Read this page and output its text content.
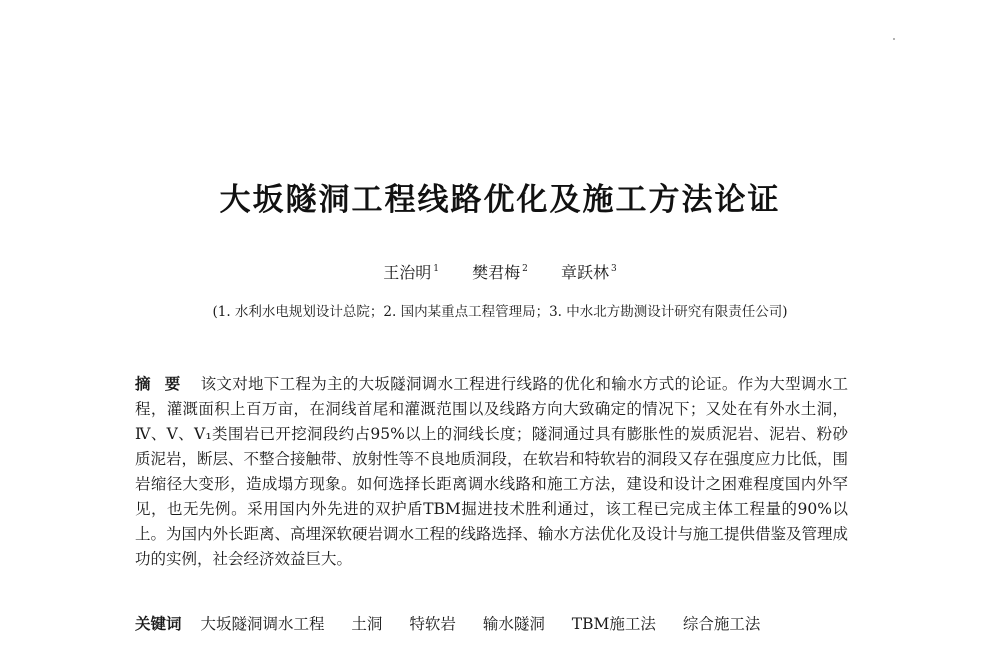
大坂隧洞工程线路优化及施工方法论证
王治明 $^1$ 樊君梅 $^2$ 章跃林 $^3$
(1. 水利水电规划设计总院；2. 国内某重点工程管理局；3. 中水北方勘测设计研究有限责任公司)
摘要 该文对地下工程为主的大坂隧洞调水工程进行线路的优化和输水方式的论证。作为大型调水工程，灌溉面积上百万亩，在洞线首尾和灌溉范围以及线路方向大致确定的情况下；又处在有外水土洞，Ⅳ、Ⅴ、Ⅴ₁类围岩已开挖洞段约占95%以上的洞线长度；隧洞通过具有膨胀性的炭质泥岩、泥岩、粉砂质泥岩，断层、不整合接触带、放射性等不良地质洞段，在软岩和特软岩的洞段又存在强度应力比低，围岩缩径大变形，造成塌方现象。如何选择长距离调水线路和施工方法，建设和设计之困难程度国内外罕见，也无先例。采用国内外先进的双护盾TBM掘进技术胜利通过，该工程已完成主体工程量的90%以上。为国内外长距离、高埋深软硬岩调水工程的线路选择、输水方法优化及设计与施工提供借鉴及管理成功的实例，社会经济效益巨大。
关键词 大坂隧洞调水工程 土洞 特软岩 输水隧洞 TBM施工法 综合施工法
